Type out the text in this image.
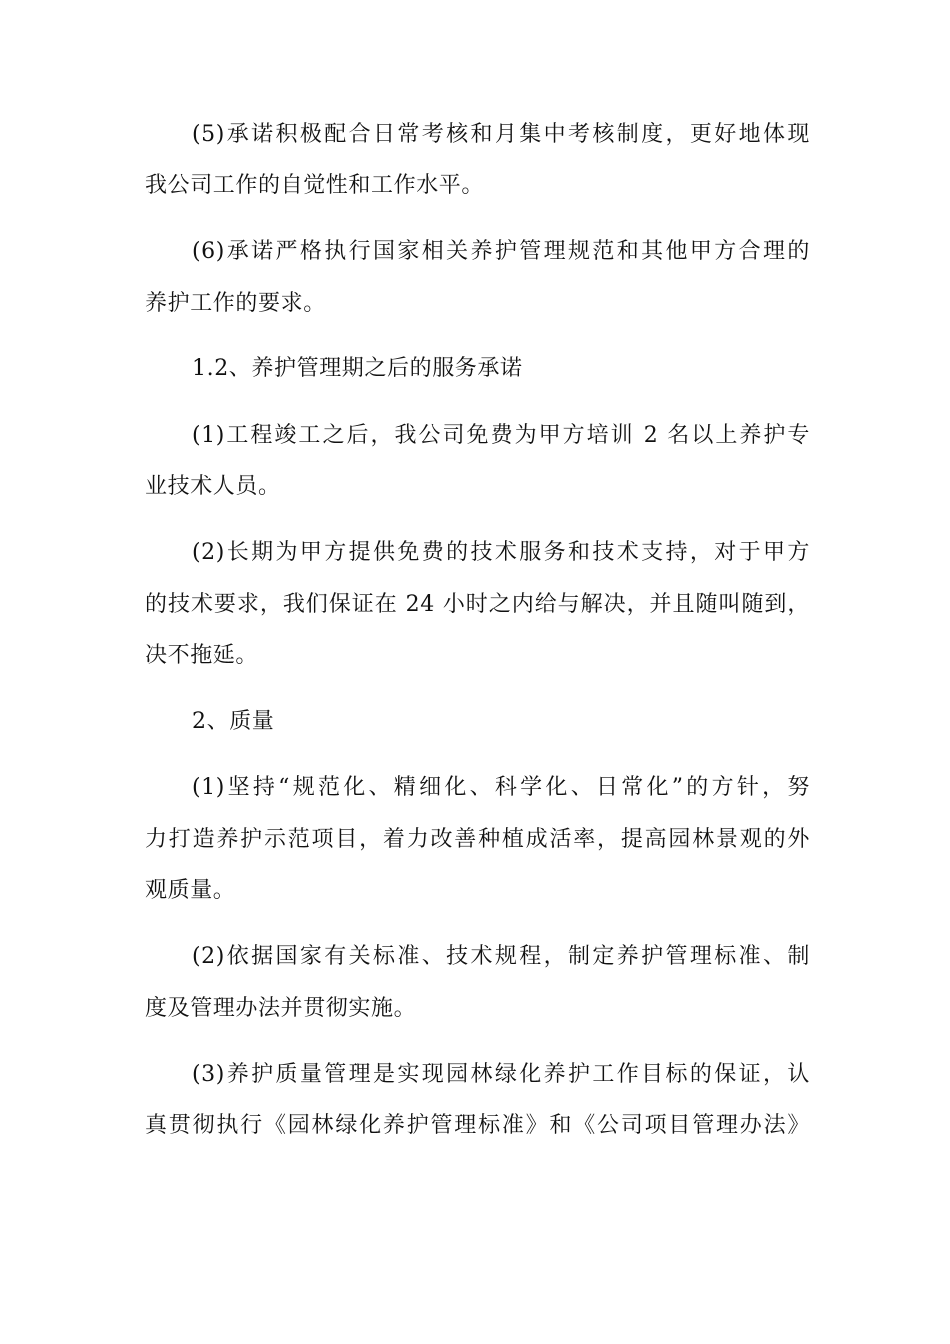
(5)承诺积极配合日常考核和月集中考核制度，更好地体现
我公司工作的自觉性和工作水平。
(6)承诺严格执行国家相关养护管理规范和其他甲方合理的
养护工作的要求。
1.2、养护管理期之后的服务承诺
(1)工程竣工之后，我公司免费为甲方培训 2 名以上养护专
业技术人员。
(2)长期为甲方提供免费的技术服务和技术支持，对于甲方
的技术要求，我们保证在 24 小时之内给与解决，并且随叫随到，
决不拖延。
2、质量
(1)坚持“规范化、精细化、科学化、日常化”的方针，努
力打造养护示范项目，着力改善种植成活率，提高园林景观的外
观质量。
(2)依据国家有关标准、技术规程，制定养护管理标准、制
度及管理办法并贯彻实施。
(3)养护质量管理是实现园林绿化养护工作目标的保证，认
真贯彻执行《园林绿化养护管理标准》和《公司项目管理办法》
